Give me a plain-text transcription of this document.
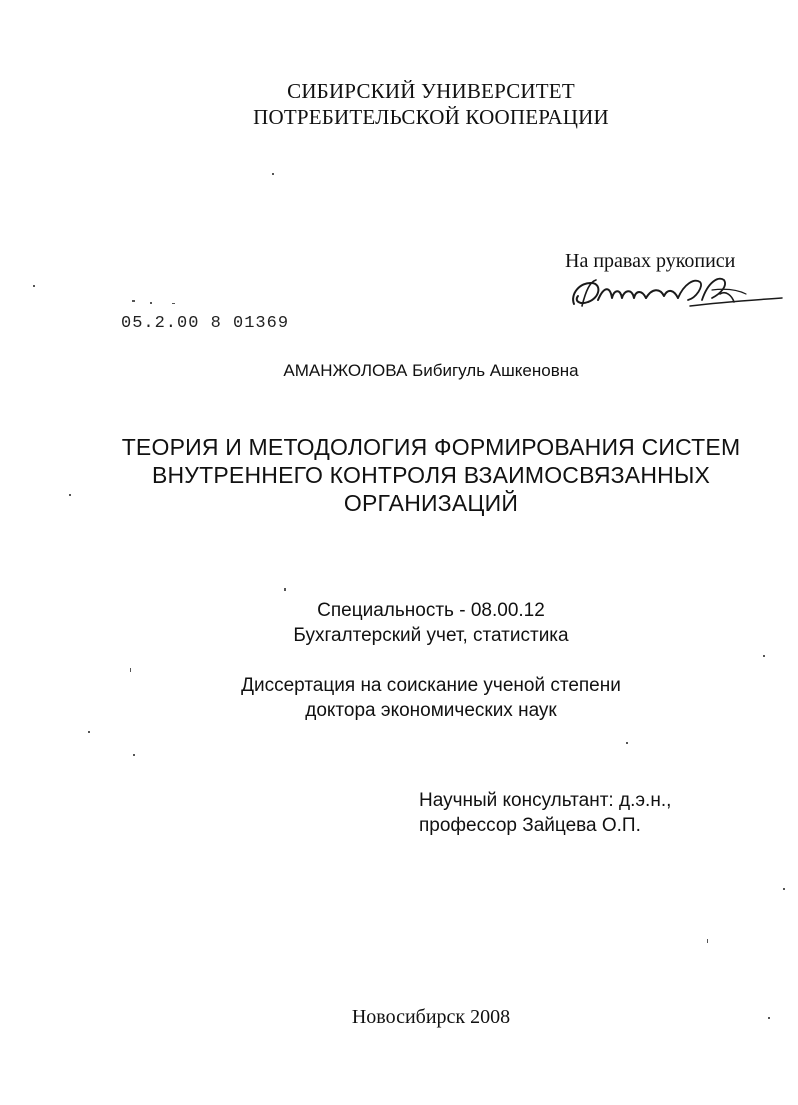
СИБИРСКИЙ УНИВЕРСИТЕТ
ПОТРЕБИТЕЛЬСКОЙ КООПЕРАЦИИ
На правах рукописи
05.2.00 8 01369
АМАНЖОЛОВА Бибигуль Ашкеновна
ТЕОРИЯ И МЕТОДОЛОГИЯ ФОРМИРОВАНИЯ СИСТЕМ
ВНУТРЕННЕГО КОНТРОЛЯ ВЗАИМОСВЯЗАННЫХ
ОРГАНИЗАЦИЙ
Специальность - 08.00.12
Бухгалтерский учет, статистика
Диссертация на соискание ученой степени
доктора экономических наук
Научный консультант: д.э.н.,
профессор Зайцева О.П.
Новосибирск 2008
